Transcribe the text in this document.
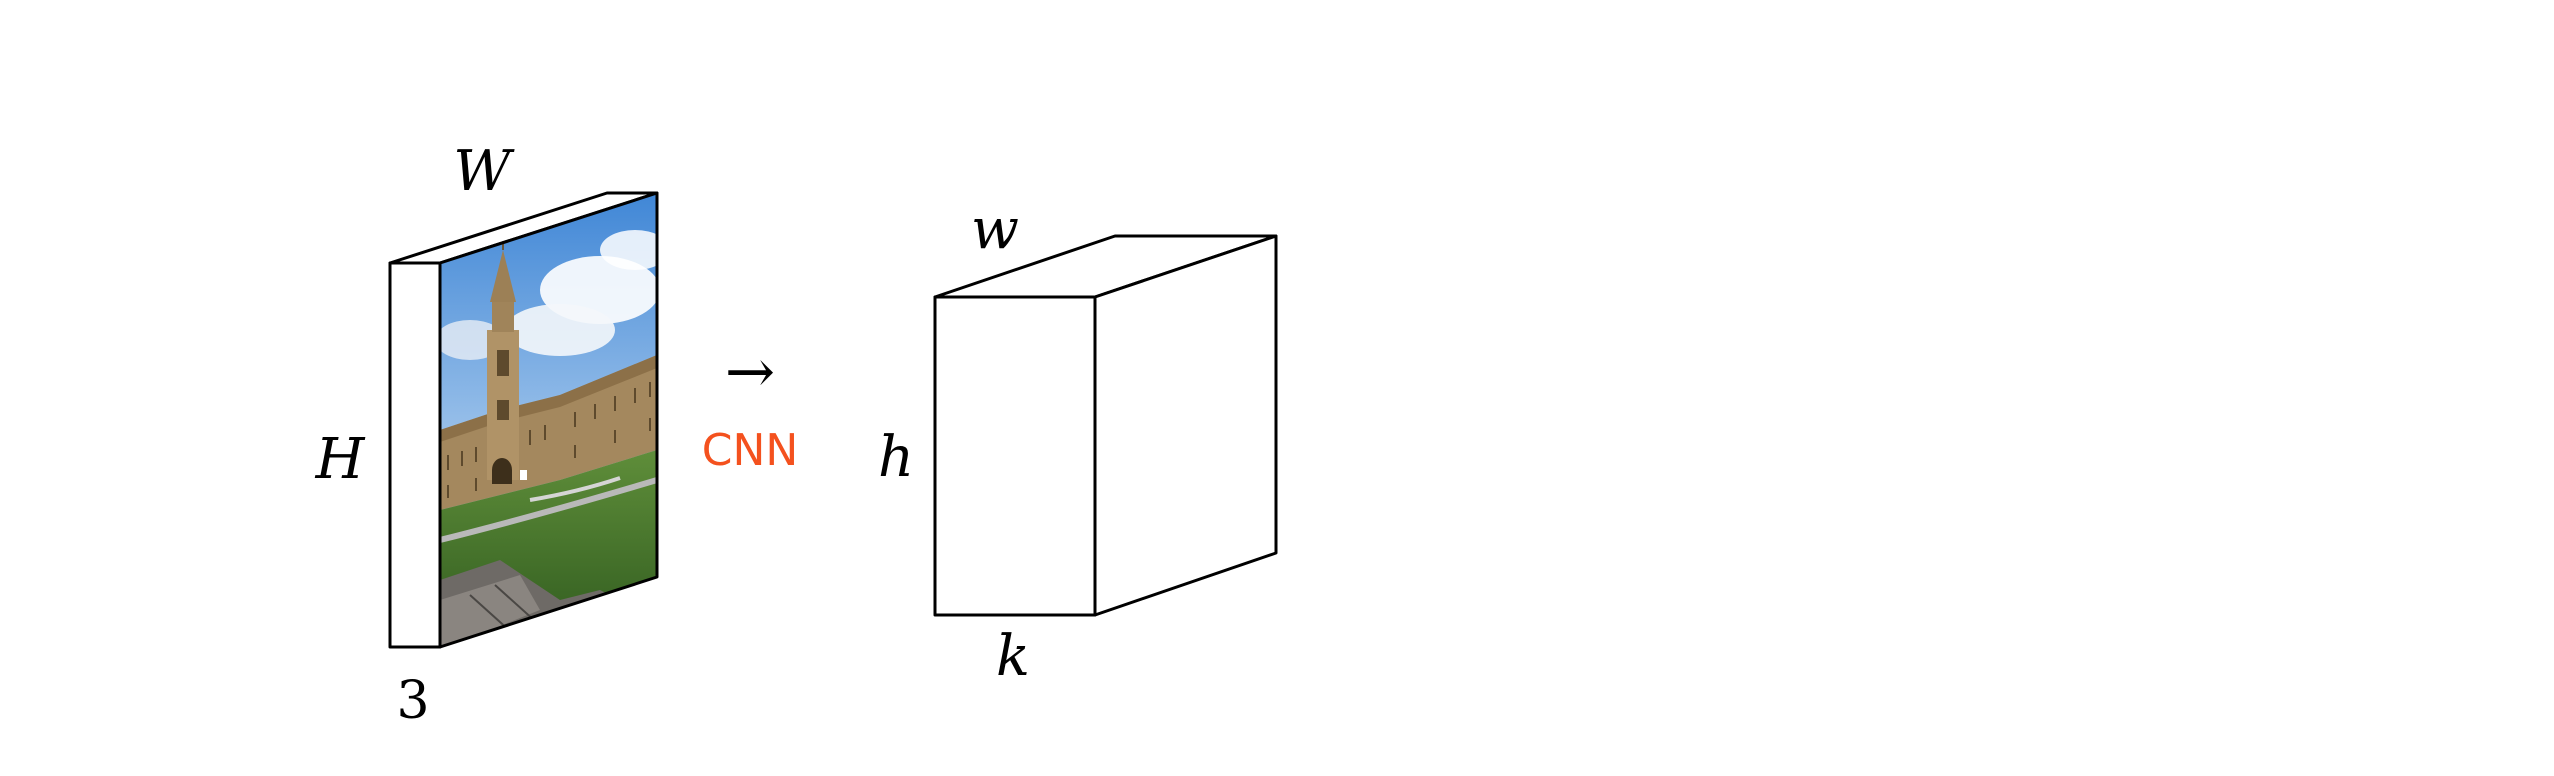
W
H
3
→
CNN
w
h
k
